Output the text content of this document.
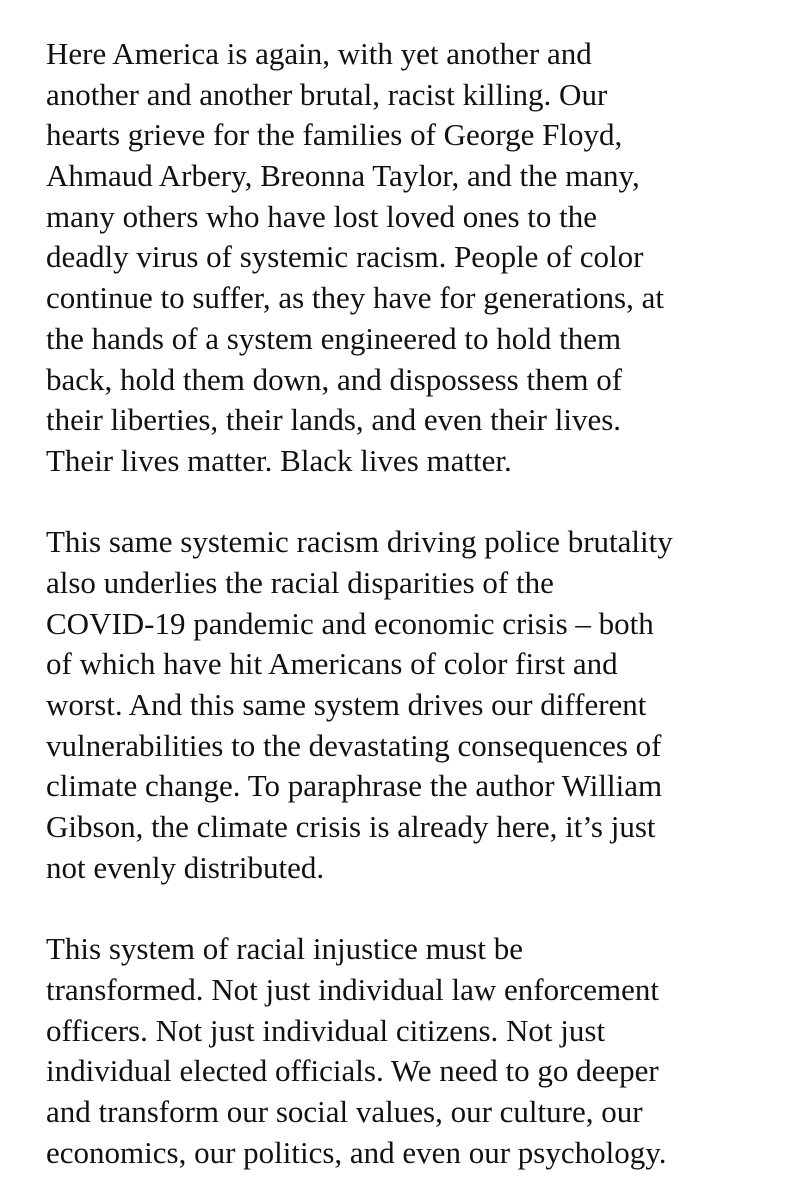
Here America is again, with yet another and
another and another brutal, racist killing. Our
hearts grieve for the families of George Floyd,
Ahmaud Arbery, Breonna Taylor, and the many,
many others who have lost loved ones to the
deadly virus of systemic racism. People of color
continue to suffer, as they have for generations, at
the hands of a system engineered to hold them
back, hold them down, and dispossess them of
their liberties, their lands, and even their lives.
Their lives matter. Black lives matter.
This same systemic racism driving police brutality
also underlies the racial disparities of the
COVID-19 pandemic and economic crisis – both
of which have hit Americans of color first and
worst. And this same system drives our different
vulnerabilities to the devastating consequences of
climate change. To paraphrase the author William
Gibson, the climate crisis is already here, it’s just
not evenly distributed.
This system of racial injustice must be
transformed. Not just individual law enforcement
officers. Not just individual citizens. Not just
individual elected officials. We need to go deeper
and transform our social values, our culture, our
economics, our politics, and even our psychology.
